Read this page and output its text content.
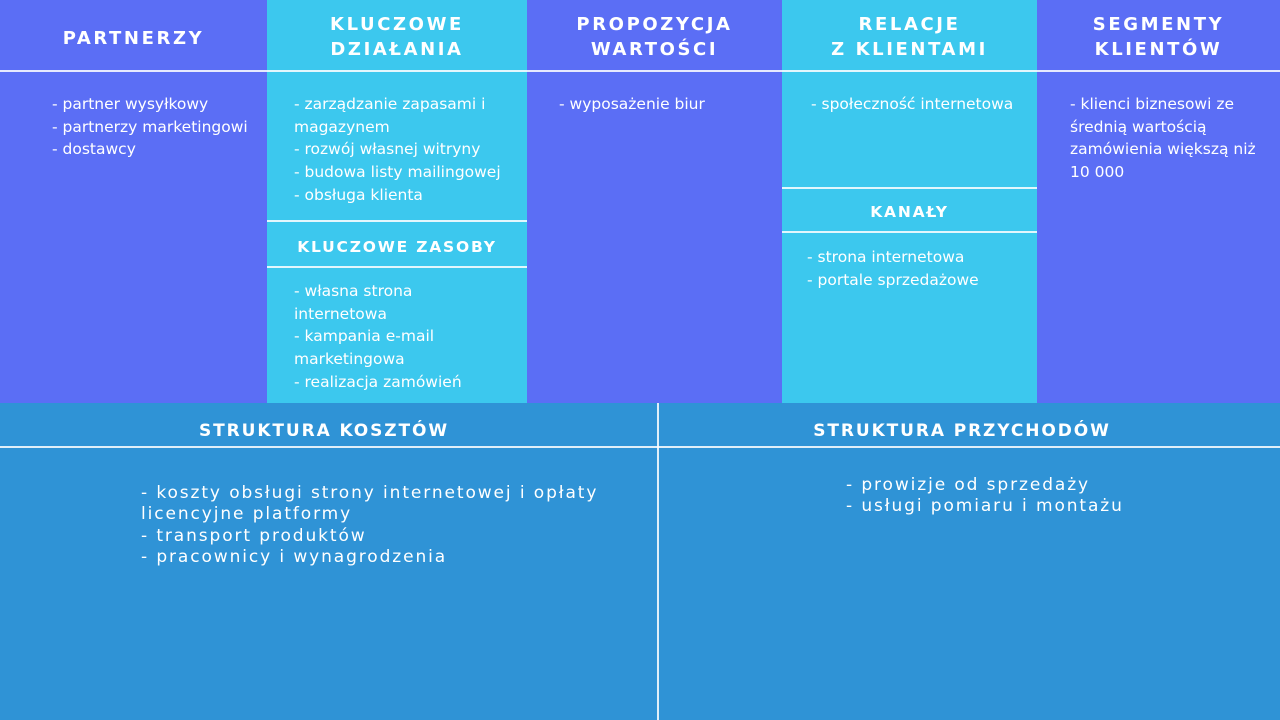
PARTNERZY
- partner wysyłkowy
- partnerzy marketingowi
- dostawcy
KLUCZOWE
DZIAŁANIA
- zarządzanie zapasami i magazynem
- rozwój własnej witryny
- budowa listy mailingowej
- obsługa klienta
KLUCZOWE ZASOBY
- własna strona internetowa
- kampania e-mail marketingowa
- realizacja zamówień
PROPOZYCJA
WARTOŚCI
- wyposażenie biur
RELACJE
Z KLIENTAMI
- społeczność internetowa
KANAŁY
- strona internetowa
- portale sprzedażowe
SEGMENTY
KLIENTÓW
- klienci biznesowi ze średnią wartością zamówienia większą niż 10 000
STRUKTURA KOSZTÓW
- koszty obsługi strony internetowej i opłaty licencyjne platformy
- transport produktów
- pracownicy i wynagrodzenia
STRUKTURA PRZYCHODÓW
- prowizje od sprzedaży
- usługi pomiaru i montażu
